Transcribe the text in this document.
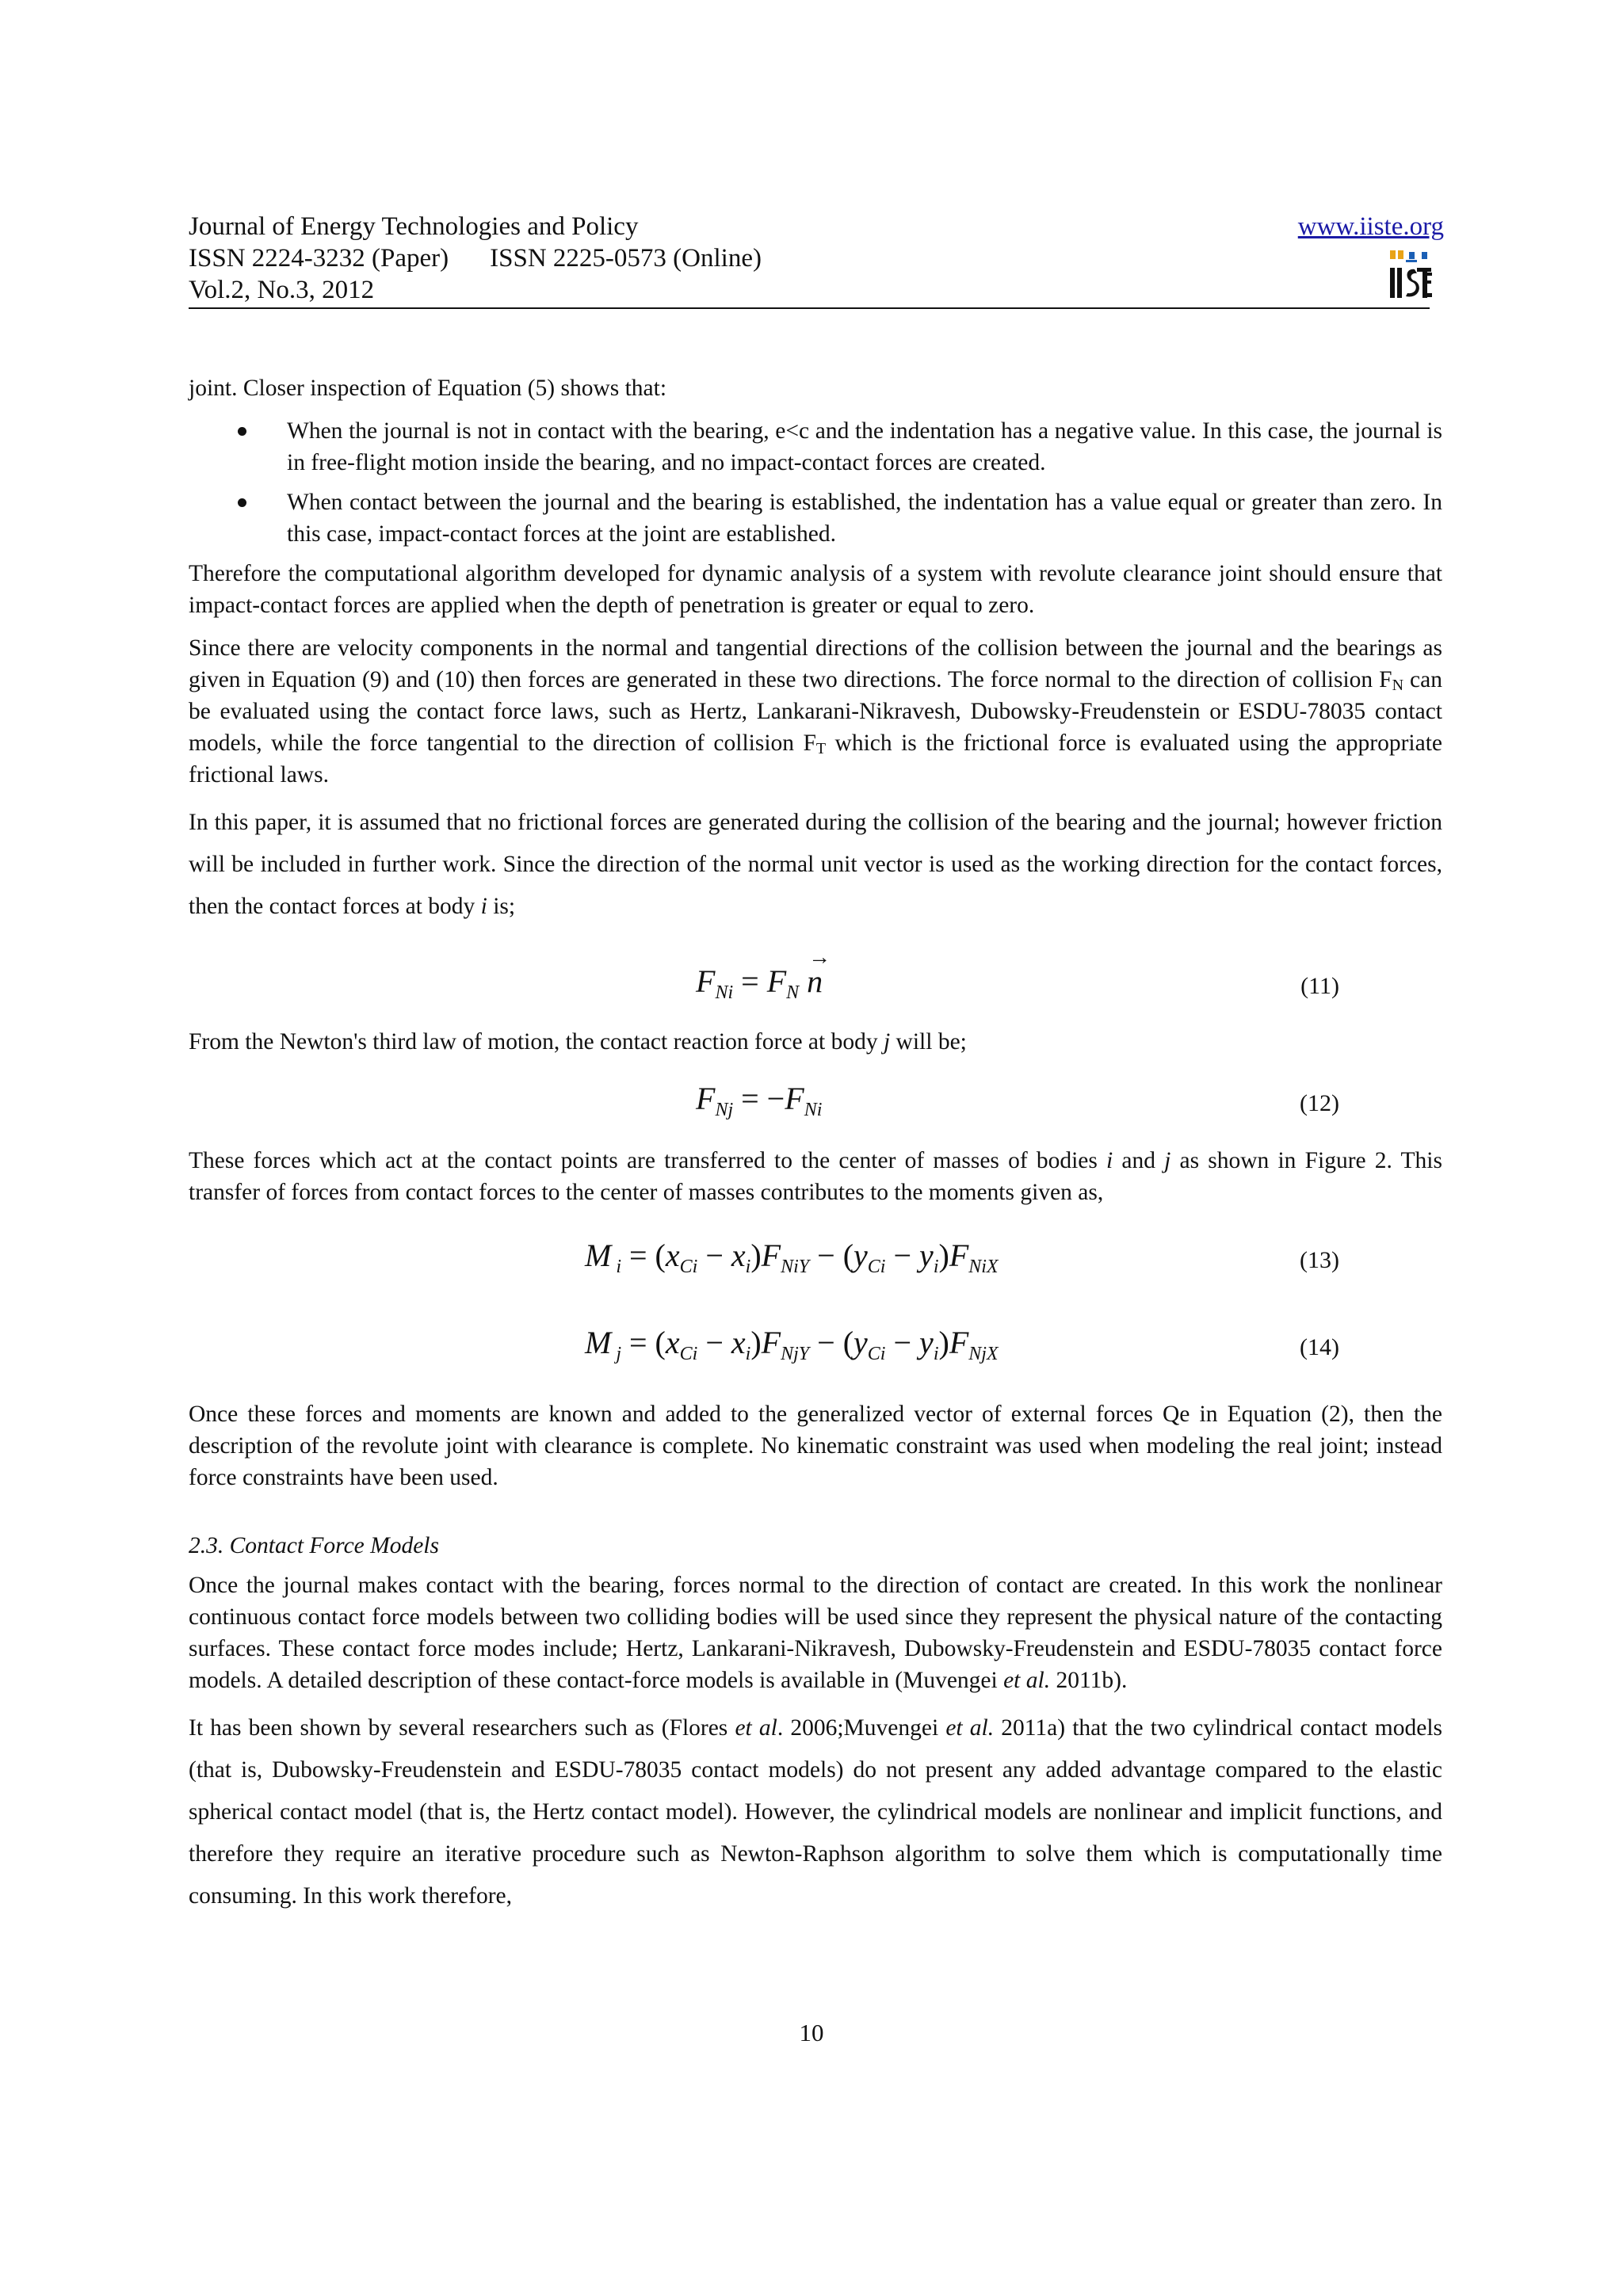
Journal of Energy Technologies and Policy
ISSN 2224-3232 (Paper) ISSN 2225-0573 (Online)
Vol.2, No.3, 2012
www.iiste.org

joint. Closer inspection of Equation (5) shows that:

When the journal is not in contact with the bearing, e<c and the indentation has a negative value. In this case, the journal is in free-flight motion inside the bearing, and no impact-contact forces are created.
When contact between the journal and the bearing is established, the indentation has a value equal or greater than zero. In this case, impact-contact forces at the joint are established.

Therefore the computational algorithm developed for dynamic analysis of a system with revolute clearance joint should ensure that impact-contact forces are applied when the depth of penetration is greater or equal to zero.

Since there are velocity components in the normal and tangential directions of the collision between the journal and the bearings as given in Equation (9) and (10) then forces are generated in these two directions. The force normal to the direction of collision $F_N$ can be evaluated using the contact force laws, such as Hertz, Lankarani-Nikravesh, Dubowsky-Freudenstein or ESDU-78035 contact models, while the force tangential to the direction of collision $F_T$ which is the frictional force is evaluated using the appropriate frictional laws.

In this paper, it is assumed that no frictional forces are generated during the collision of the bearing and the journal; however friction will be included in further work. Since the direction of the normal unit vector is used as the working direction for the contact forces, then the contact forces at body i is;

$F_{Ni} = F_N$ n
→
(11)

From the Newton's third law of motion, the contact reaction force at body j will be;

$F_{Nj} = -F_{Ni}$	(12)

These forces which act at the contact points are transferred to the center of masses of bodies i and j as shown in Figure 2. This transfer of forces from contact forces to the center of masses contributes to the moments given as,

M $_i = (x_{Ci} - x_i)F_{NiY} - (y_{Ci} - y_i)F_{NiX}$	(13)
M $_j = (x_{Ci} - x_i)F_{NjY} - (y_{Ci} - y_i)F_{NjX}$	(14)

Once these forces and moments are known and added to the generalized vector of external forces Qe in Equation (2), then the description of the revolute joint with clearance is complete. No kinematic constraint was used when modeling the real joint; instead force constraints have been used.

2.3. Contact Force Models

Once the journal makes contact with the bearing, forces normal to the direction of contact are created. In this work the nonlinear continuous contact force models between two colliding bodies will be used since they represent the physical nature of the contacting surfaces. These contact force modes include; Hertz, Lankarani-Nikravesh, Dubowsky-Freudenstein and ESDU-78035 contact force models. A detailed description of these contact-force models is available in (Muvengei et al. 2011b).

It has been shown by several researchers such as (Flores et al. 2006;Muvengei et al. 2011a) that the two cylindrical contact models (that is, Dubowsky-Freudenstein and ESDU-78035 contact models) do not present any added advantage compared to the elastic spherical contact model (that is, the Hertz contact model). However, the cylindrical models are nonlinear and implicit functions, and therefore they require an iterative procedure such as Newton-Raphson algorithm to solve them which is computationally time consuming. In this work therefore,

10
